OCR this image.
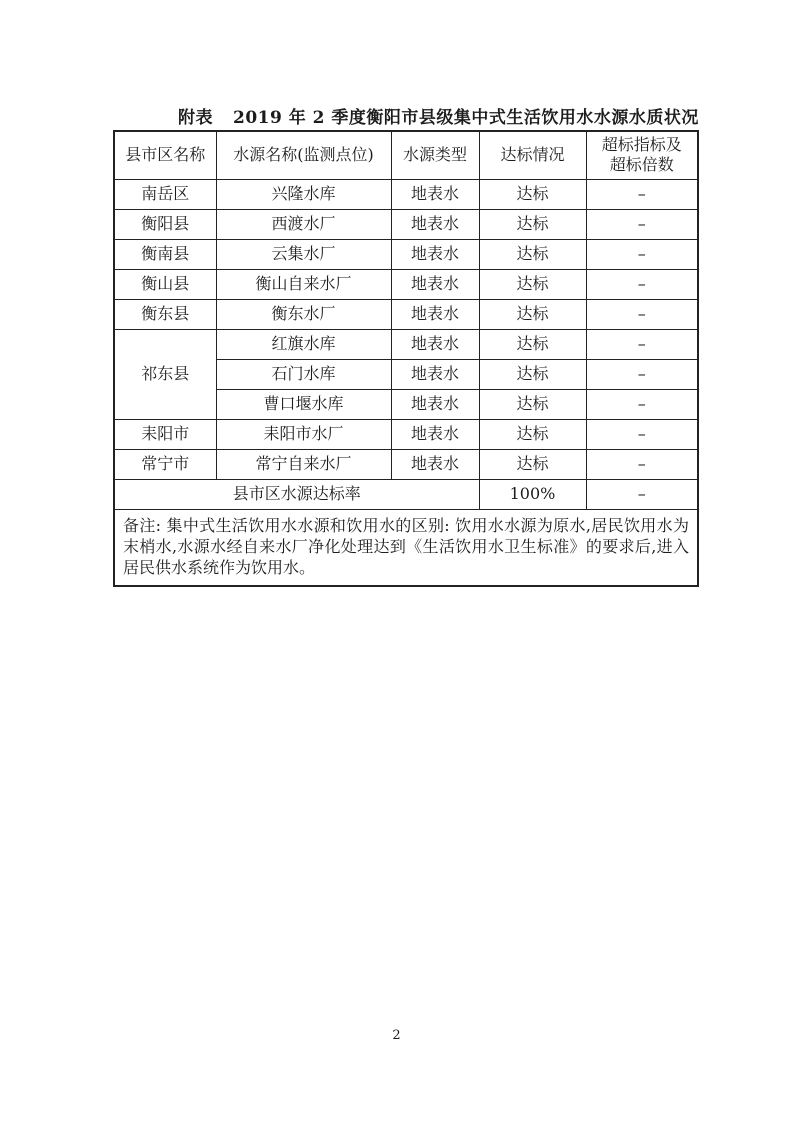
附表 2019 年 2 季度衡阳市县级集中式生活饮用水水源水质状况
县市区名称	水源名称(监测点位)	水源类型	达标情况	超标指标及
超标倍数
南岳区	兴隆水库	地表水	达标	–
衡阳县	西渡水厂	地表水	达标	–
衡南县	云集水厂	地表水	达标	–
衡山县	衡山自来水厂	地表水	达标	–
衡东县	衡东水厂	地表水	达标	–
祁东县	红旗水库	地表水	达标	–
	石门水库	地表水	达标	–
	曹口堰水库	地表水	达标	–
耒阳市	耒阳市水厂	地表水	达标	–
常宁市	常宁自来水厂	地表水	达标	–
县市区水源达标率			100%	–
备注: 集中式生活饮用水水源和饮用水的区别: 饮用水水源为原水,居民饮用水为末梢水,水源水经自来水厂净化处理达到《生活饮用水卫生标准》的要求后,进入居民供水系统作为饮用水。				
2
